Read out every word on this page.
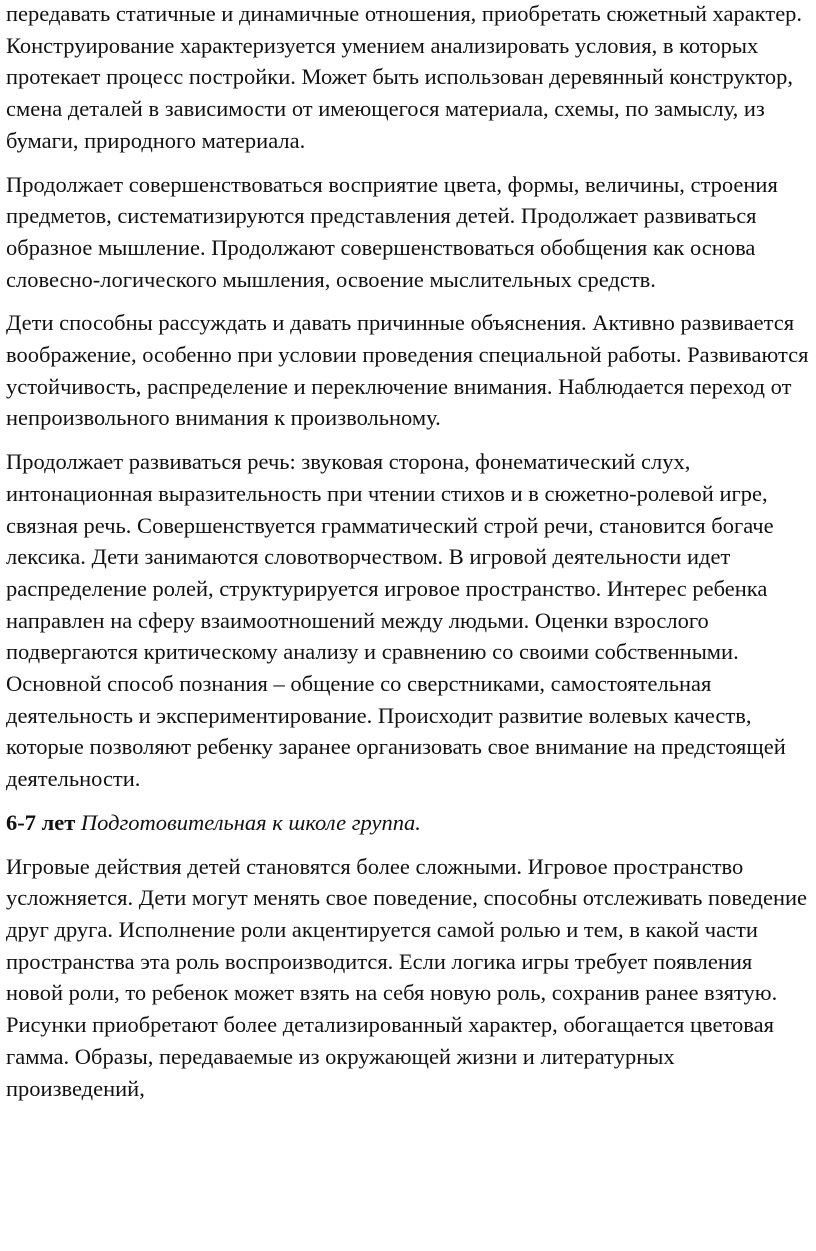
передавать статичные и динамичные отношения, приобретать сюжетный характер. Конструирование характеризуется умением анализировать условия, в которых протекает процесс постройки. Может быть использован деревянный конструктор, смена деталей в зависимости от имеющегося материала, схемы, по замыслу, из бумаги, природного материала.

Продолжает совершенствоваться восприятие цвета, формы, величины, строения предметов, систематизируются представления детей. Продолжает развиваться образное мышление. Продолжают совершенствоваться обобщения как основа словесно-логического мышления, освоение мыслительных средств.

Дети способны рассуждать и давать причинные объяснения. Активно развивается воображение, особенно при условии проведения специальной работы. Развиваются устойчивость, распределение и переключение внимания. Наблюдается переход от непроизвольного внимания к произвольному.

Продолжает развиваться речь: звуковая сторона, фонематический слух, интонационная выразительность при чтении стихов и в сюжетно-ролевой игре, связная речь. Совершенствуется грамматический строй речи, становится богаче лексика. Дети занимаются словотворчеством. В игровой деятельности идет распределение ролей, структурируется игровое пространство. Интерес ребенка направлен на сферу взаимоотношений между людьми. Оценки взрослого подвергаются критическому анализу и сравнению со своими собственными. Основной способ познания – общение со сверстниками, самостоятельная деятельность и экспериментирование. Происходит развитие волевых качеств, которые позволяют ребенку заранее организовать свое внимание на предстоящей деятельности.

6-7 лет Подготовительная к школе группа.

Игровые действия детей становятся более сложными. Игровое пространство усложняется. Дети могут менять свое поведение, способны отслеживать поведение друг друга. Исполнение роли акцентируется самой ролью и тем, в какой части пространства эта роль воспроизводится. Если логика игры требует появления новой роли, то ребенок может взять на себя новую роль, сохранив ранее взятую. Рисунки приобретают более детализированный характер, обогащается цветовая гамма. Образы, передаваемые из окружающей жизни и литературных произведений,
